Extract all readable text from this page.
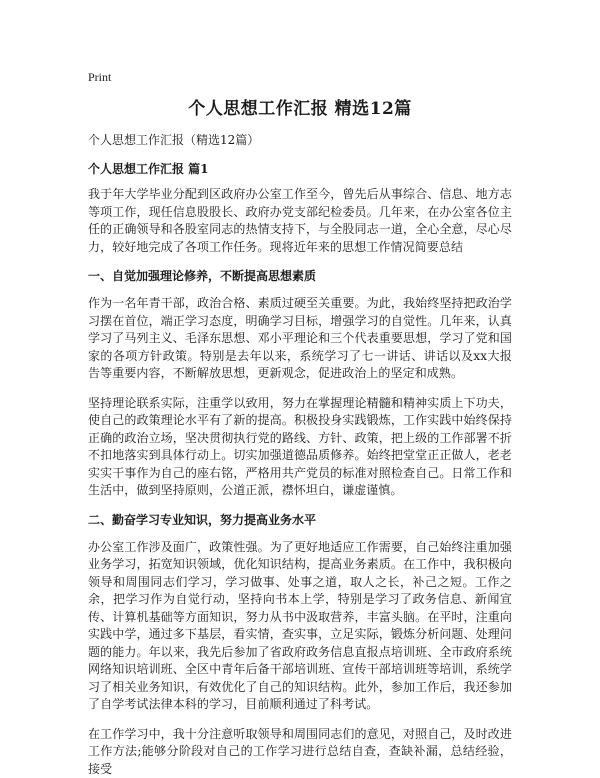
Print
个人思想工作汇报 精选12篇
个人思想工作汇报（精选12篇）
个人思想工作汇报 篇1

我于年大学毕业分配到区政府办公室工作至今，曾先后从事综合、信息、地方志等项工作，现任信息股股长、政府办党支部纪检委员。几年来，在办公室各位主任的正确领导和各股室同志的热情支持下，与全股同志一道，全心全意，尽心尽力，较好地完成了各项工作任务。现将近年来的思想工作情况简要总结

一、自觉加强理论修养，不断提高思想素质

作为一名年青干部，政治合格、素质过硬至关重要。为此，我始终坚持把政治学习摆在首位，端正学习态度，明确学习目标，增强学习的自觉性。几年来，认真学习了马列主义、毛泽东思想、邓小平理论和三个代表重要思想，学习了党和国家的各项方针政策。特别是去年以来，系统学习了七一讲话、讲话以及xx大报告等重要内容，不断解放思想，更新观念，促进政治上的坚定和成熟。

坚持理论联系实际，注重学以致用，努力在掌握理论精髓和精神实质上下功夫，使自己的政策理论水平有了新的提高。积极投身实践锻炼，工作实践中始终保持正确的政治立场，坚决贯彻执行党的路线、方针、政策，把上级的工作部署不折不扣地落实到具体行动上。切实加强道德品质修养。始终把堂堂正正做人，老老实实干事作为自己的座右铭，严格用共产党员的标准对照检查自己。日常工作和生活中，做到坚持原则，公道正派，襟怀坦白，谦虚谨慎。

二、勤奋学习专业知识，努力提高业务水平

办公室工作涉及面广，政策性强。为了更好地适应工作需要，自己始终注重加强业务学习，拓宽知识领域，优化知识结构，提高业务素质。在工作中，我积极向领导和周围同志们学习，学习做事、处事之道，取人之长，补己之短。工作之余，把学习作为自觉行动，坚持向书本上学，特别是学习了政务信息、新闻宣传、计算机基础等方面知识，努力从书中汲取营养，丰富头脑。在平时，注重向实践中学，通过多下基层，看实情，查实事，立足实际，锻炼分析问题、处理问题的能力。年以来，我先后参加了省政府政务信息直报点培训班、全市政府系统网络知识培训班、全区中青年后备干部培训班、宣传干部培训班等培训，系统学习了相关业务知识，有效优化了自己的知识结构。此外，参加工作后，我还参加了自学考试法律本科的学习，目前顺利通过了科考试。

在工作学习中，我十分注意听取领导和周围同志们的意见，对照自己，及时改进工作方法;能够分阶段对自己的工作学习进行总结自查，查缺补漏，总结经验，接受
